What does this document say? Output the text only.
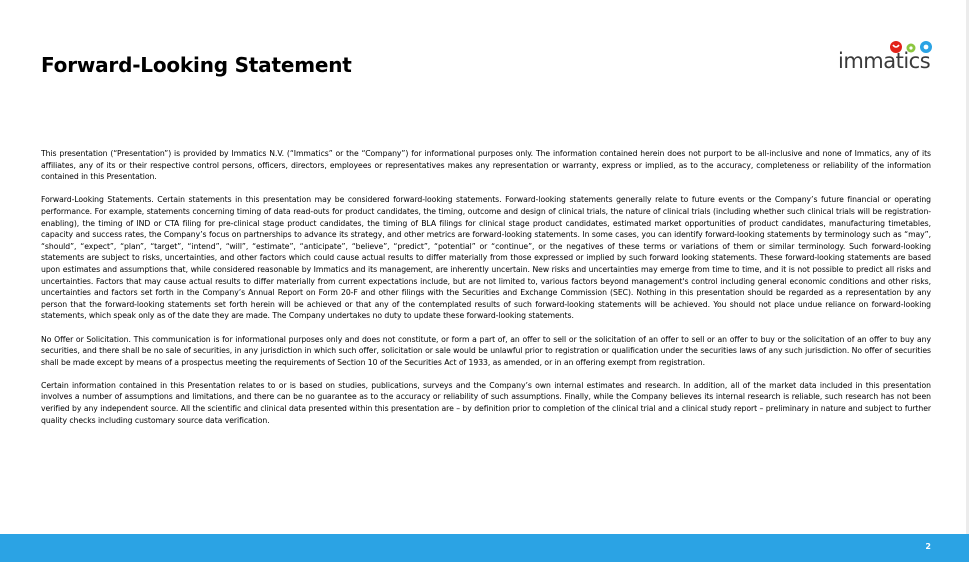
Forward-Looking Statement	immatics

This presentation (“Presentation”) is provided by Immatics N.V. (“Immatics” or the “Company”) for informational purposes only. The information contained herein does not purport to be all-inclusive and none of Immatics, any of its affiliates, any of its or their respective control persons, officers, directors, employees or representatives makes any representation or warranty, express or implied, as to the accuracy, completeness or reliability of the information contained in this Presentation.

Forward-Looking Statements. Certain statements in this presentation may be considered forward-looking statements. Forward-looking statements generally relate to future events or the Company’s future financial or operating performance. For example, statements concerning timing of data read-outs for product candidates, the timing, outcome and design of clinical trials, the nature of clinical trials (including whether such clinical trials will be registration-enabling), the timing of IND or CTA filing for pre-clinical stage product candidates, the timing of BLA filings for clinical stage product candidates, estimated market opportunities of product candidates, manufacturing timetables, capacity and success rates, the Company’s focus on partnerships to advance its strategy, and other metrics are forward-looking statements. In some cases, you can identify forward-looking statements by terminology such as “may”, “should”, “expect”, “plan”, “target”, “intend”, “will”, “estimate”, “anticipate”, “believe”, “predict”, “potential” or “continue”, or the negatives of these terms or variations of them or similar terminology. Such forward-looking statements are subject to risks, uncertainties, and other factors which could cause actual results to differ materially from those expressed or implied by such forward looking statements. These forward-looking statements are based upon estimates and assumptions that, while considered reasonable by Immatics and its management, are inherently uncertain. New risks and uncertainties may emerge from time to time, and it is not possible to predict all risks and uncertainties. Factors that may cause actual results to differ materially from current expectations include, but are not limited to, various factors beyond management's control including general economic conditions and other risks, uncertainties and factors set forth in the Company’s Annual Report on Form 20-F and other filings with the Securities and Exchange Commission (SEC). Nothing in this presentation should be regarded as a representation by any person that the forward-looking statements set forth herein will be achieved or that any of the contemplated results of such forward-looking statements will be achieved. You should not place undue reliance on forward-looking statements, which speak only as of the date they are made. The Company undertakes no duty to update these forward-looking statements.

No Offer or Solicitation. This communication is for informational purposes only and does not constitute, or form a part of, an offer to sell or the solicitation of an offer to sell or an offer to buy or the solicitation of an offer to buy any securities, and there shall be no sale of securities, in any jurisdiction in which such offer, solicitation or sale would be unlawful prior to registration or qualification under the securities laws of any such jurisdiction. No offer of securities shall be made except by means of a prospectus meeting the requirements of Section 10 of the Securities Act of 1933, as amended, or in an offering exempt from registration.

Certain information contained in this Presentation relates to or is based on studies, publications, surveys and the Company’s own internal estimates and research. In addition, all of the market data included in this presentation involves a number of assumptions and limitations, and there can be no guarantee as to the accuracy or reliability of such assumptions. Finally, while the Company believes its internal research is reliable, such research has not been verified by any independent source. All the scientific and clinical data presented within this presentation are – by definition prior to completion of the clinical trial and a clinical study report – preliminary in nature and subject to further quality checks including customary source data verification.

2
